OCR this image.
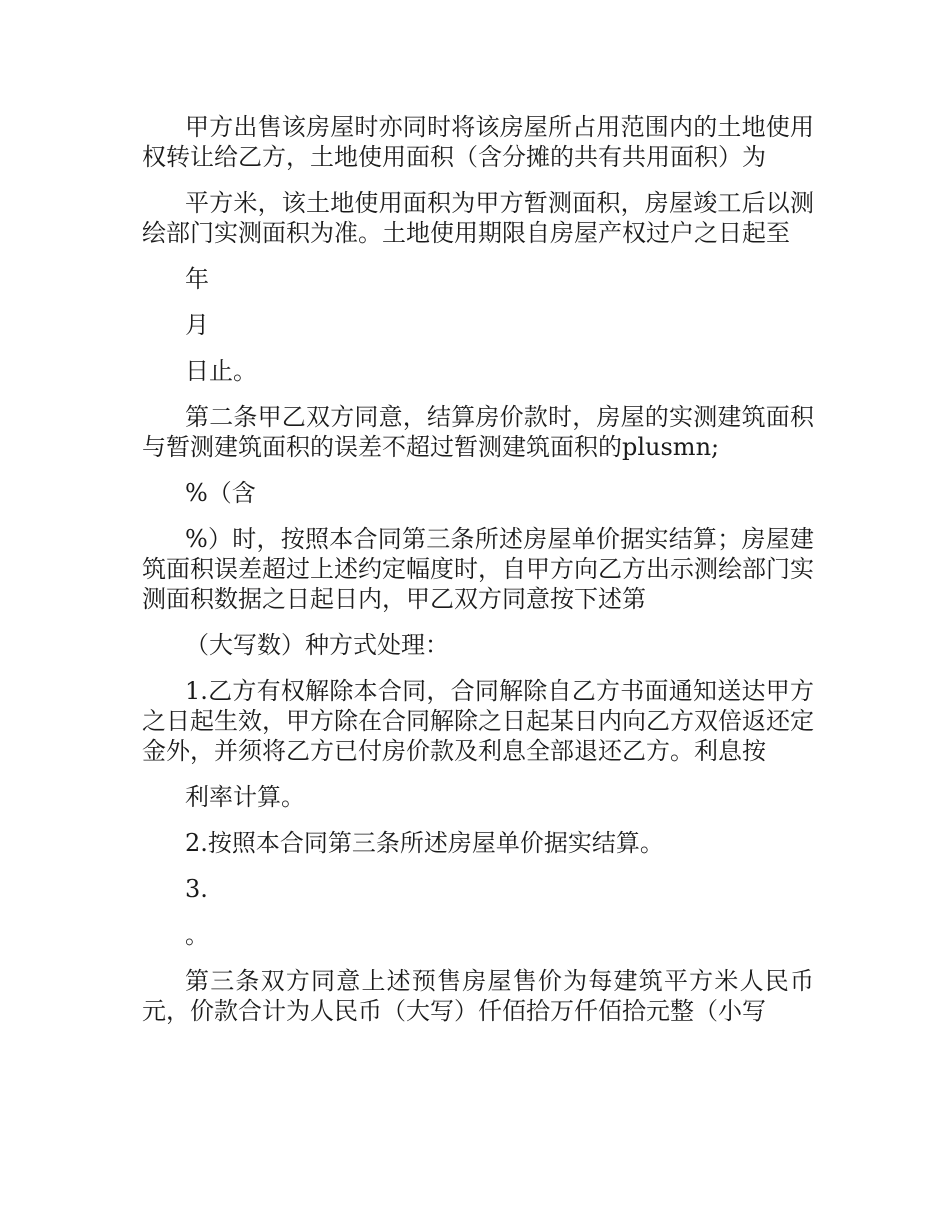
甲方出售该房屋时亦同时将该房屋所占用范围内的土地使用权转让给乙方，土地使用面积（含分摊的共有共用面积）为

平方米，该土地使用面积为甲方暂测面积，房屋竣工后以测绘部门实测面积为准。土地使用期限自房屋产权过户之日起至

年

月

日止。

第二条甲乙双方同意，结算房价款时，房屋的实测建筑面积与暂测建筑面积的误差不超过暂测建筑面积的plusmn;

%（含

%）时，按照本合同第三条所述房屋单价据实结算；房屋建筑面积误差超过上述约定幅度时，自甲方向乙方出示测绘部门实测面积数据之日起日内，甲乙双方同意按下述第

（大写数）种方式处理：

1.乙方有权解除本合同，合同解除自乙方书面通知送达甲方之日起生效，甲方除在合同解除之日起某日内向乙方双倍返还定金外，并须将乙方已付房价款及利息全部退还乙方。利息按

利率计算。

2.按照本合同第三条所述房屋单价据实结算。

3.

。

第三条双方同意上述预售房屋售价为每建筑平方米人民币元，价款合计为人民币（大写）仟佰拾万仟佰拾元整（小写
